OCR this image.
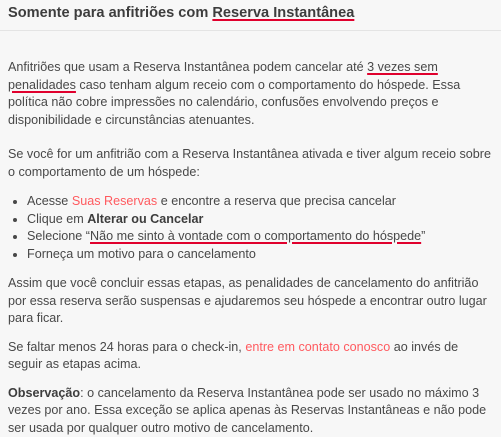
Somente para anfitriões com Reserva Instantânea

Anfitriões que usam a Reserva Instantânea podem cancelar até 3 vezes sem penalidades caso tenham algum receio com o comportamento do hóspede. Essa política não cobre impressões no calendário, confusões envolvendo preços e disponibilidade e circunstâncias atenuantes.

Se você for um anfitrião com a Reserva Instantânea ativada e tiver algum receio sobre o comportamento de um hóspede:

• Acesse Suas Reservas e encontre a reserva que precisa cancelar
• Clique em Alterar ou Cancelar
• Selecione “Não me sinto à vontade com o comportamento do hóspede”
• Forneça um motivo para o cancelamento

Assim que você concluir essas etapas, as penalidades de cancelamento do anfitrião por essa reserva serão suspensas e ajudaremos seu hóspede a encontrar outro lugar para ficar.

Se faltar menos 24 horas para o check-in, entre em contato conosco ao invés de seguir as etapas acima.

Observação: o cancelamento da Reserva Instantânea pode ser usado no máximo 3 vezes por ano. Essa exceção se aplica apenas às Reservas Instantâneas e não pode ser usada por qualquer outro motivo de cancelamento.
